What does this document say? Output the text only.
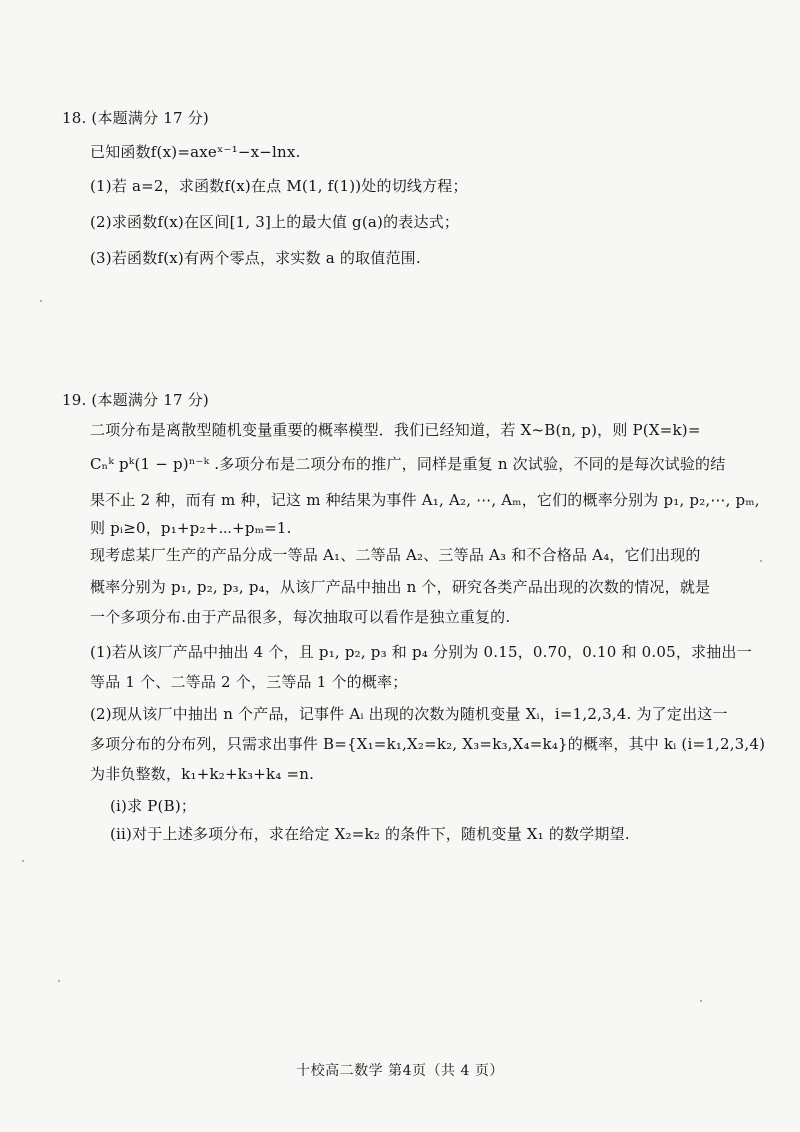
18. (本题满分 17 分)
已知函数f(x)=axeˣ⁻¹−x−lnx.
(1)若 a=2，求函数f(x)在点 M(1, f(1))处的切线方程；
(2)求函数f(x)在区间[1, 3]上的最大值 g(a)的表达式；
(3)若函数f(x)有两个零点，求实数 a 的取值范围.
19. (本题满分 17 分)
二项分布是离散型随机变量重要的概率模型．我们已经知道，若 X~B(n, p)，则 P(X=k)=
Cₙᵏ pᵏ(1 − p)ⁿ⁻ᵏ .多项分布是二项分布的推广，同样是重复 n 次试验，不同的是每次试验的结
果不止 2 种，而有 m 种，记这 m 种结果为事件 A₁, A₂, ⋯, Aₘ，它们的概率分别为 p₁, p₂,⋯, pₘ,
则 pᵢ≥0，p₁+p₂+⋯+pₘ=1.
现考虑某厂生产的产品分成一等品 A₁、二等品 A₂、三等品 A₃ 和不合格品 A₄，它们出现的
概率分别为 p₁, p₂, p₃, p₄，从该厂产品中抽出 n 个，研究各类产品出现的次数的情况，就是
一个多项分布.由于产品很多，每次抽取可以看作是独立重复的.
(1)若从该厂产品中抽出 4 个，且 p₁, p₂, p₃ 和 p₄ 分别为 0.15，0.70，0.10 和 0.05，求抽出一
等品 1 个、二等品 2 个，三等品 1 个的概率；
(2)现从该厂中抽出 n 个产品，记事件 Aᵢ 出现的次数为随机变量 Xᵢ，i=1,2,3,4. 为了定出这一
多项分布的分布列，只需求出事件 B={X₁=k₁,X₂=k₂, X₃=k₃,X₄=k₄}的概率，其中 kᵢ (i=1,2,3,4)
为非负整数，k₁+k₂+k₃+k₄ =n.
(i)求 P(B)；
(ii)对于上述多项分布，求在给定 X₂=k₂ 的条件下，随机变量 X₁ 的数学期望.
十校高二数学 第4页（共 4 页）
